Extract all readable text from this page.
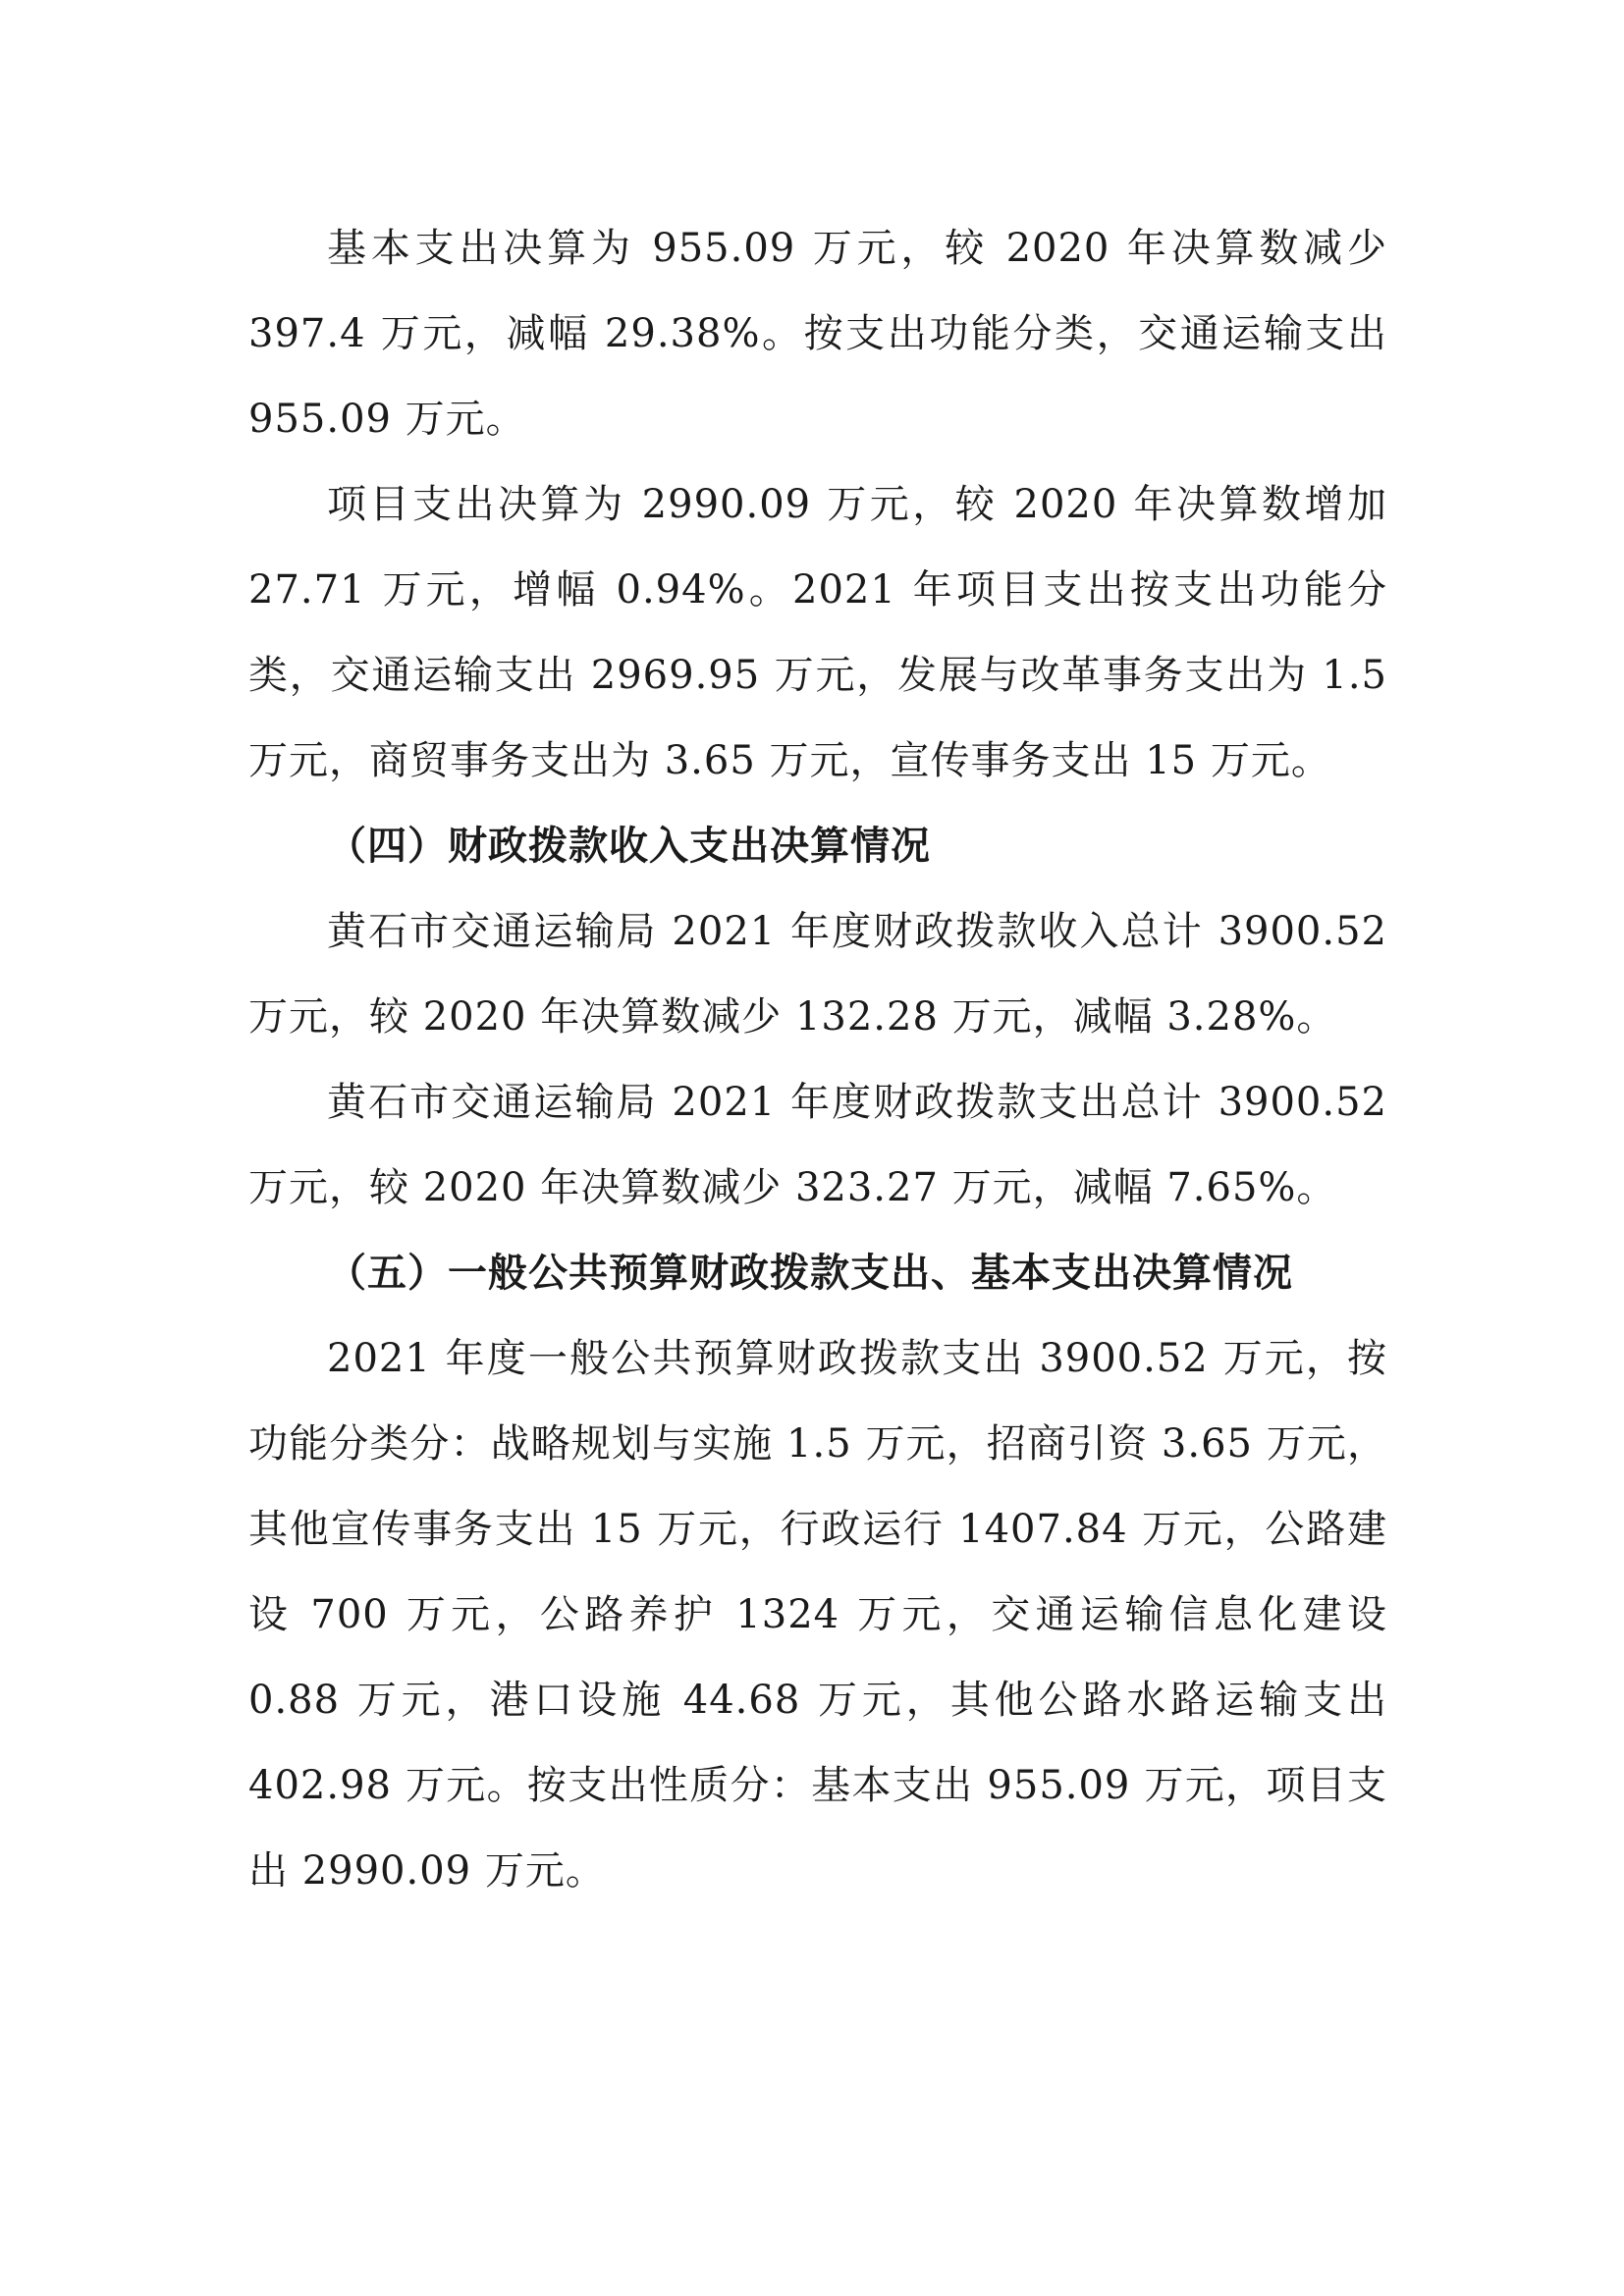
基本支出决算为 955.09 万元，较 2020 年决算数减少 397.4 万元，减幅 29.38%。按支出功能分类，交通运输支出 955.09 万元。

项目支出决算为 2990.09 万元，较 2020 年决算数增加 27.71 万元，增幅 0.94%。2021 年项目支出按支出功能分类，交通运输支出 2969.95 万元，发展与改革事务支出为 1.5 万元，商贸事务支出为 3.65 万元，宣传事务支出 15 万元。

（四）财政拨款收入支出决算情况

黄石市交通运输局 2021 年度财政拨款收入总计 3900.52 万元，较 2020 年决算数减少 132.28 万元，减幅 3.28%。

黄石市交通运输局 2021 年度财政拨款支出总计 3900.52 万元，较 2020 年决算数减少 323.27 万元，减幅 7.65%。

（五）一般公共预算财政拨款支出、基本支出决算情况

2021 年度一般公共预算财政拨款支出 3900.52 万元，按功能分类分：战略规划与实施 1.5 万元，招商引资 3.65 万元，其他宣传事务支出 15 万元，行政运行 1407.84 万元，公路建设 700 万元，公路养护 1324 万元，交通运输信息化建设 0.88 万元，港口设施 44.68 万元，其他公路水路运输支出 402.98 万元。按支出性质分：基本支出 955.09 万元，项目支出 2990.09 万元。
